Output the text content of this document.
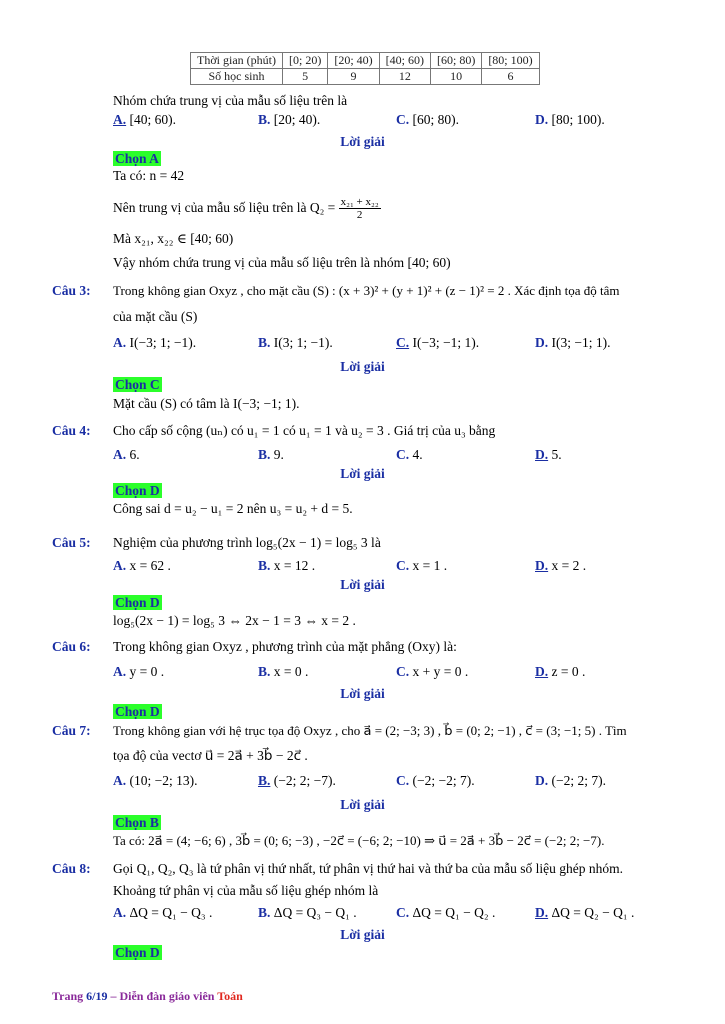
Thời gian (phút)	[0; 20)	[20; 40)	[40; 60)	[60; 80)	[80; 100)
Số học sinh	5	9	12	10	6
Nhóm chứa trung vị của mẫu số liệu trên là
A. [40; 60).	B. [20; 40).	C. [60; 80).	D. [80; 100).
Lời giải
Chọn A
Ta có: n = 42
Nên trung vị của mẫu số liệu trên là $Q_2 = \frac{\text{x₂₁ + x₂₂}}{2}$
Mà x₂₁, x₂₂ ∈ [40; 60)
Vậy nhóm chứa trung vị của mẫu số liệu trên là nhóm [40; 60)
Câu 3: Trong không gian Oxyz , cho mặt cầu (S) : (x + 3)² + (y + 1)² + (z − 1)² = 2 . Xác định tọa độ tâm
của mặt cầu (S)
A. I(−3; 1; −1).	B. I(3; 1; −1).	C. I(−3; −1; 1).	D. I(3; −1; 1).
Lời giải
Chọn C
Mặt cầu (S) có tâm là I(−3; −1; 1).
Câu 4: Cho cấp số cộng (uₙ) có u₁ = 1 có u₁ = 1 và u₂ = 3 . Giá trị của u₃ bằng
A. 6.	B. 9.	C. 4.	D. 5.
Lời giải
Chọn D
Công sai d = u₂ − u₁ = 2 nên u₃ = u₂ + d = 5.
Câu 5: Nghiệm của phương trình log₅(2x − 1) = log₅ 3 là
A. x = 62 .	B. x = 12 .	C. x = 1 .	D. x = 2 .
Lời giải
Chọn D
log₅(2x − 1) = log₅ 3 ⇔ 2x − 1 = 3 ⇔ x = 2 .
Câu 6: Trong không gian Oxyz , phương trình của mặt phẳng (Oxy) là:
A. y = 0 .	B. x = 0 .	C. x + y = 0 .	D. z = 0 .
Lời giải
Chọn D
Câu 7: Trong không gian với hệ trục tọa độ Oxyz , cho a⃗ = (2; −3; 3) , b⃗ = (0; 2; −1) , c⃗ = (3; −1; 5) . Tìm
tọa độ của vectơ u⃗ = 2a⃗ + 3b⃗ − 2c⃗ .
A. (10; −2; 13).	B. (−2; 2; −7).	C. (−2; −2; 7).	D. (−2; 2; 7).
Lời giải
Chọn B
Ta có: 2a⃗ = (4; −6; 6) , 3b⃗ = (0; 6; −3) , −2c⃗ = (−6; 2; −10) ⇒ u⃗ = 2a⃗ + 3b⃗ − 2c⃗ = (−2; 2; −7).
Câu 8: Gọi Q₁, Q₂, Q₃ là tứ phân vị thứ nhất, tứ phân vị thứ hai và thứ ba của mẫu số liệu ghép nhóm.
Khoảng tứ phân vị của mẫu số liệu ghép nhóm là
A. ΔQ = Q₁ − Q₃ .	B. ΔQ = Q₃ − Q₁ .	C. ΔQ = Q₁ − Q₂ .	D. ΔQ = Q₂ − Q₁ .
Lời giải
Chọn D
Trang 6/19 – Diễn đàn giáo viên Toán
